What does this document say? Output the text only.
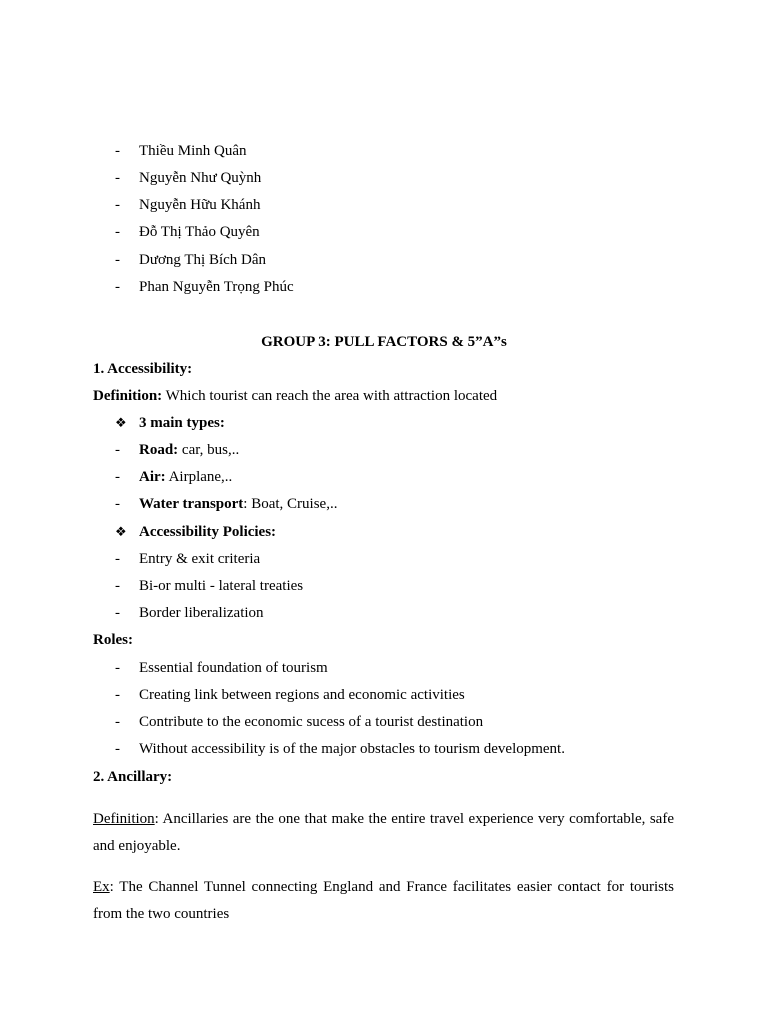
- Thiều Minh Quân
- Nguyễn Như Quỳnh
- Nguyễn Hữu Khánh
- Đỗ Thị Thảo Quyên
- Dương Thị Bích Dân
- Phan Nguyễn Trọng Phúc
GROUP 3: PULL FACTORS & 5”A”s
1. Accessibility:
Definition: Which tourist can reach the area with attraction located
❖ 3 main types:
- Road: car, bus,..
- Air: Airplane,..
- Water transport: Boat, Cruise,..
❖ Accessibility Policies:
- Entry & exit criteria
- Bi-or multi - lateral treaties
- Border liberalization
Roles:
- Essential foundation of tourism
- Creating link between regions and economic activities
- Contribute to the economic sucess of a tourist destination
- Without accessibility is of the major obstacles to tourism development.
2. Ancillary:
Definition: Ancillaries are the one that make the entire travel experience very comfortable, safe and enjoyable.
Ex: The Channel Tunnel connecting England and France facilitates easier contact for tourists from the two countries
